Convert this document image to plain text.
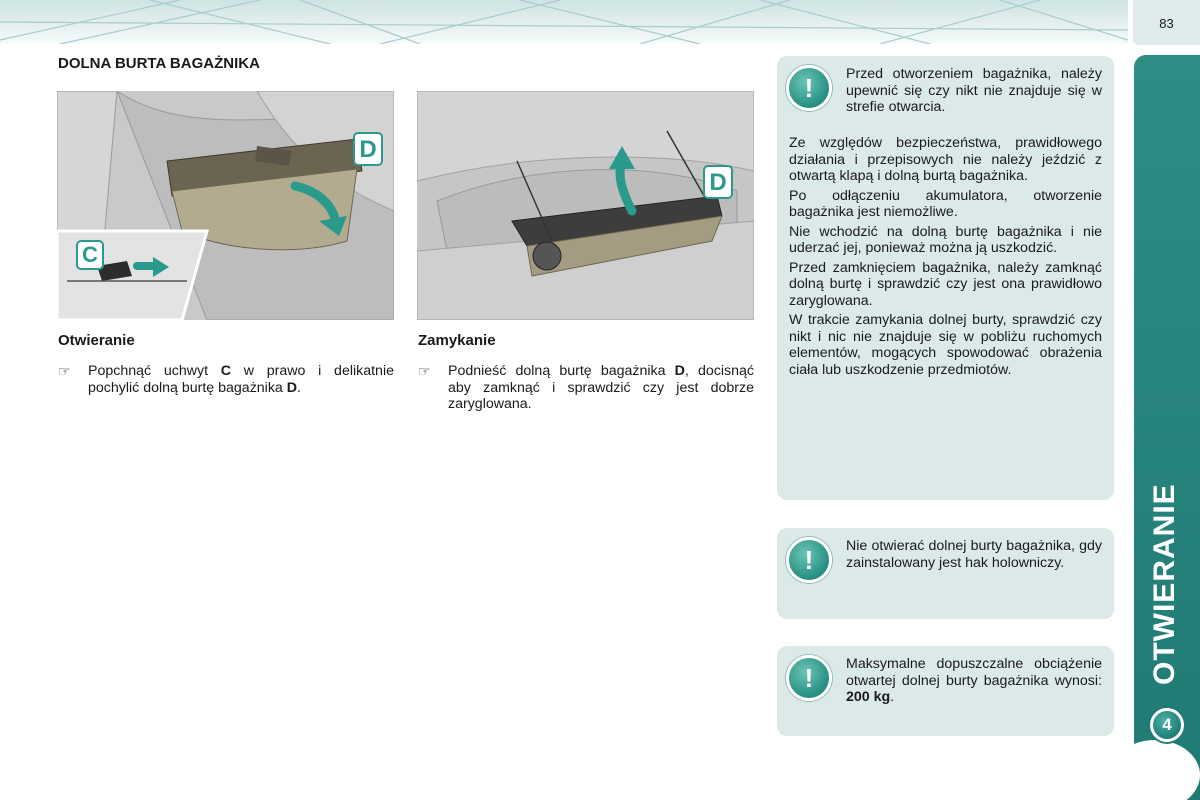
83
OTWIERANIE
4
DOLNA BURTA BAGAŻNIKA
C
D
D
Otwieranie
☞ Popchnąć uchwyt C w prawo i delikatnie pochylić dolną burtę bagażnika D.
Zamykanie
☞ Podnieść dolną burtę bagażnika D, docisnąć aby zamknąć i sprawdzić czy jest dobrze zaryglowana.
!	Przed otworzeniem bagażnika, należy upewnić się czy nikt nie znajduje się w strefie otwarcia.

Ze względów bezpieczeństwa, prawidłowego działania i przepisowych nie należy jeździć z otwartą klapą i dolną burtą bagażnika.

Po odłączeniu akumulatora, otworzenie bagażnika jest niemożliwe.

Nie wchodzić na dolną burtę bagażnika i nie uderzać jej, ponieważ można ją uszkodzić.

Przed zamknięciem bagażnika, należy zamknąć dolną burtę i sprawdzić czy jest ona prawidłowo zaryglowana.

W trakcie zamykania dolnej burty, sprawdzić czy nikt i nic nie znajduje się w pobliżu ruchomych elementów, mogących spowodować obrażenia ciała lub uszkodzenie przedmiotów.

!	Nie otwierać dolnej burty bagażnika, gdy zainstalowany jest hak holowniczy.
!	Maksymalne dopuszczalne obciążenie otwartej dolnej burty bagażnika wynosi: 200 kg.
